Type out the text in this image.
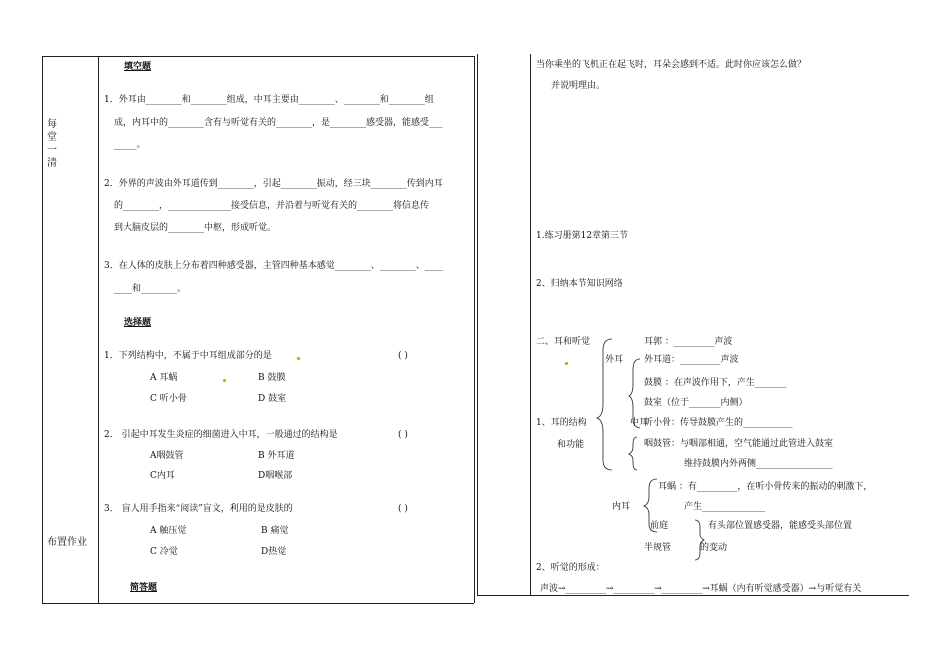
每堂一清
布置作业
填空题
1．外耳由________和________组成，中耳主要由________、________和________组
成，内耳中的________含有与听觉有关的________，是________感受器，能感受___
_____。
2．外界的声波由外耳道传到________，引起________振动，经三块________传到内耳
的________，______________接受信息，并沿着与听觉有关的________将信息传
到大脑皮层的________中枢，形成听觉。
3．在人体的皮肤上分布着四种感受器，主管四种基本感觉________、________、____
____和________。
选择题
1．下列结构中，不属于中耳组成部分的是	( )
A 耳蜗	B 鼓膜
C 听小骨	D 鼓室
2． 引起中耳发生炎症的细菌进入中耳，一般通过的结构是	( )
A咽鼓管	B 外耳道
C内耳	D咽喉部
3． 盲人用手指来“阅读”盲文，利用的是皮肤的	( )
A 触压觉	B 痛觉
C 冷觉	D热觉
简答题
当你乘坐的飞机正在起飞时，耳朵会感到不适。此时你应该怎么做？
并说明理由。
1.练习册第12章第三节
2、归纳本节知识网络
二、耳和听觉
外耳
1、耳的结构
和功能
中耳
内耳
耳郭 ：_________声波
外耳道：_________声波
鼓膜 ：在声波作用下，产生_______
鼓室（位于_______内侧）
听小骨：传导鼓膜产生的___________
咽鼓管：与咽部相通，空气能通过此管进入鼓室
维持鼓膜内外两侧_________________
耳蜗 ：有_________，在听小骨传来的振动的刺激下，
产生______________
前庭	有头部位置感受器，能感受头部位置
半规管	的变动
2、听觉的形成：
声波→_________→_________→_________→耳蜗（内有听觉感受器）→与听觉有关
